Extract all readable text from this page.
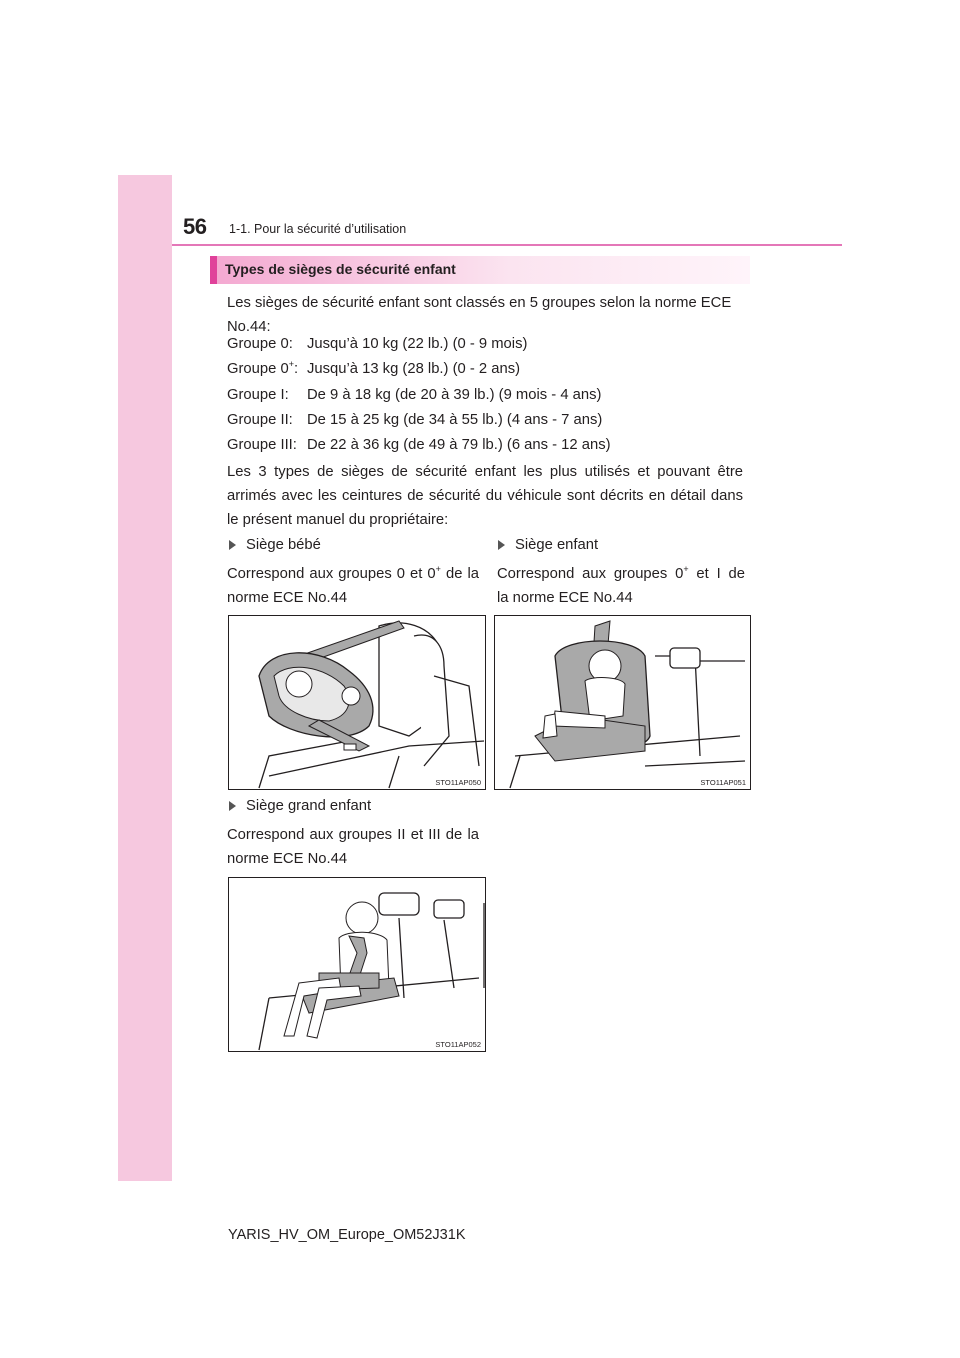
56 1-1. Pour la sécurité d’utilisation
Types de sièges de sécurité enfant
Les sièges de sécurité enfant sont classés en 5 groupes selon la norme ECE
No.44:
Groupe 0: Jusqu’à 10 kg (22 lb.) (0 - 9 mois)
Groupe 0+: Jusqu’à 13 kg (28 lb.) (0 - 2 ans)
Groupe I: De 9 à 18 kg (de 20 à 39 lb.) (9 mois - 4 ans)
Groupe II: De 15 à 25 kg (de 34 à 55 lb.) (4 ans - 7 ans)
Groupe III: De 22 à 36 kg (de 49 à 79 lb.) (6 ans - 12 ans)
Les 3 types de sièges de sécurité enfant les plus utilisés et pouvant être
arrimés avec les ceintures de sécurité du véhicule sont décrits en détail dans
le présent manuel du propriétaire:
Siège bébé
Correspond aux groupes 0 et 0+ de la
norme ECE No.44
Siège enfant
Correspond aux groupes 0+ et I de
la norme ECE No.44
STO11AP050	STO11AP051
Siège grand enfant
Correspond aux groupes II et III de la
norme ECE No.44
STO11AP052
YARIS_HV_OM_Europe_OM52J31K
